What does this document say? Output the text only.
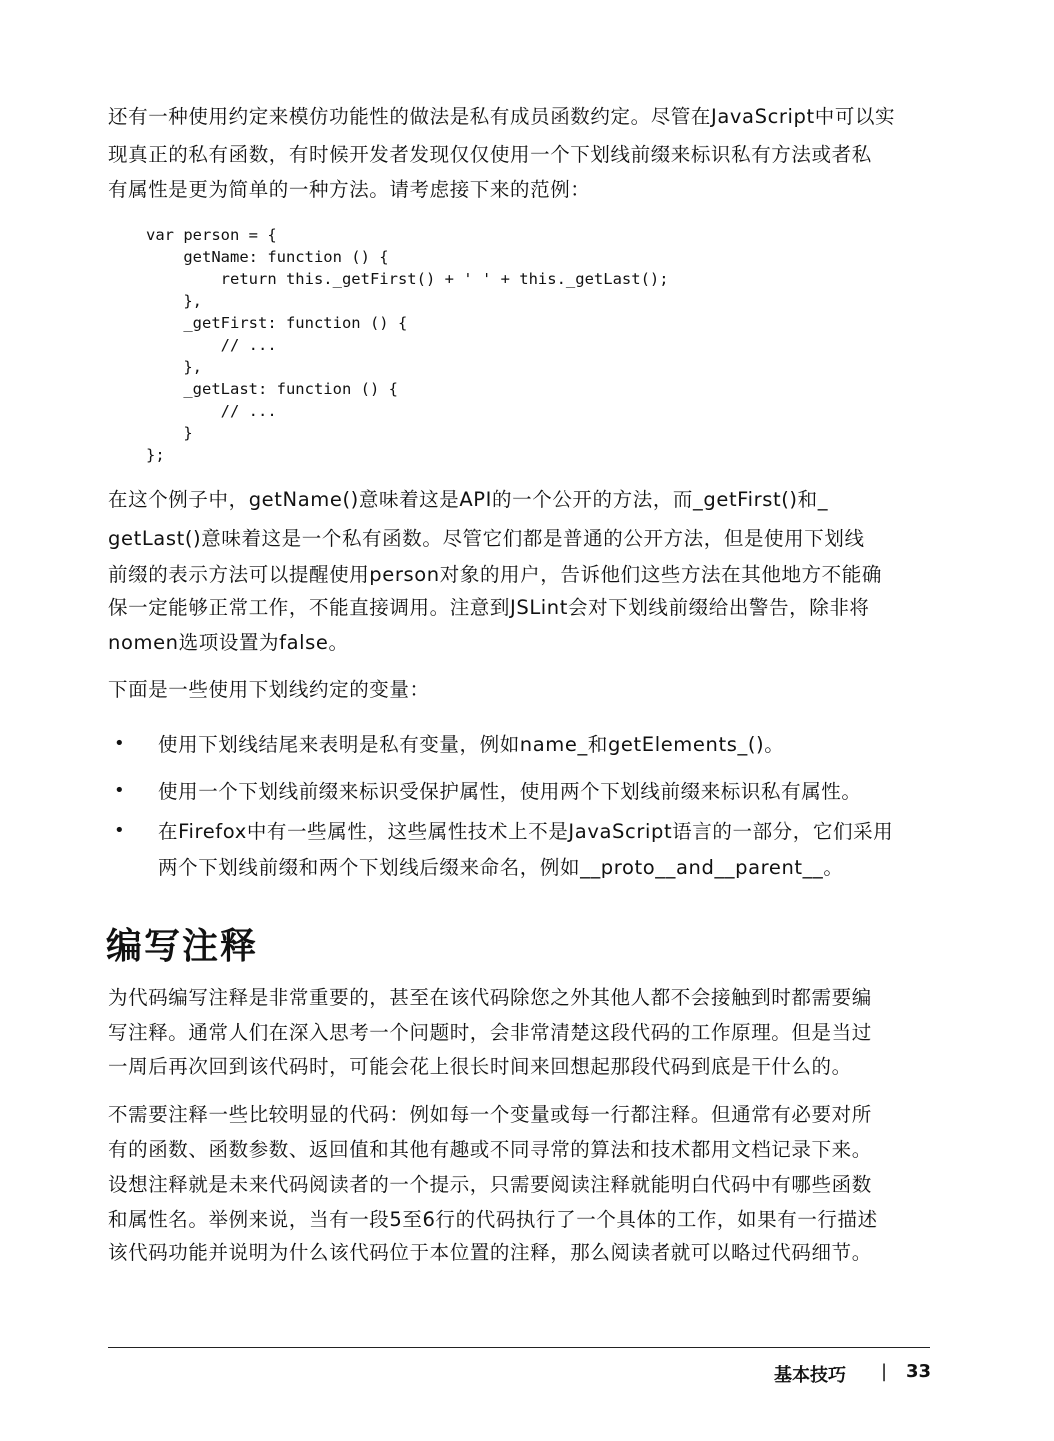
还有一种使用约定来模仿功能性的做法是私有成员函数约定。尽管在JavaScript中可以实
现真正的私有函数，有时候开发者发现仅仅使用一个下划线前缀来标识私有方法或者私
有属性是更为简单的一种方法。请考虑接下来的范例：
var person = {
getName: function () {
return this._getFirst() + ' ' + this._getLast();
},
_getFirst: function () {
// ...
},
_getLast: function () {
// ...
}
};
在这个例子中，getName()意味着这是API的一个公开的方法，而_getFirst()和_
getLast()意味着这是一个私有函数。尽管它们都是普通的公开方法，但是使用下划线
前缀的表示方法可以提醒使用person对象的用户，告诉他们这些方法在其他地方不能确
保一定能够正常工作，不能直接调用。注意到JSLint会对下划线前缀给出警告，除非将
nomen选项设置为false。
下面是一些使用下划线约定的变量：
• 使用下划线结尾来表明是私有变量，例如name_和getElements_()。
• 使用一个下划线前缀来标识受保护属性，使用两个下划线前缀来标识私有属性。
• 在Firefox中有一些属性，这些属性技术上不是JavaScript语言的一部分，它们采用
两个下划线前缀和两个下划线后缀来命名，例如__proto__and__parent__。
编写注释
为代码编写注释是非常重要的，甚至在该代码除您之外其他人都不会接触到时都需要编
写注释。通常人们在深入思考一个问题时，会非常清楚这段代码的工作原理。但是当过
一周后再次回到该代码时，可能会花上很长时间来回想起那段代码到底是干什么的。
不需要注释一些比较明显的代码：例如每一个变量或每一行都注释。但通常有必要对所
有的函数、函数参数、返回值和其他有趣或不同寻常的算法和技术都用文档记录下来。
设想注释就是未来代码阅读者的一个提示，只需要阅读注释就能明白代码中有哪些函数
和属性名。举例来说，当有一段5至6行的代码执行了一个具体的工作，如果有一行描述
该代码功能并说明为什么该代码位于本位置的注释，那么阅读者就可以略过代码细节。
基本技巧 | 33
